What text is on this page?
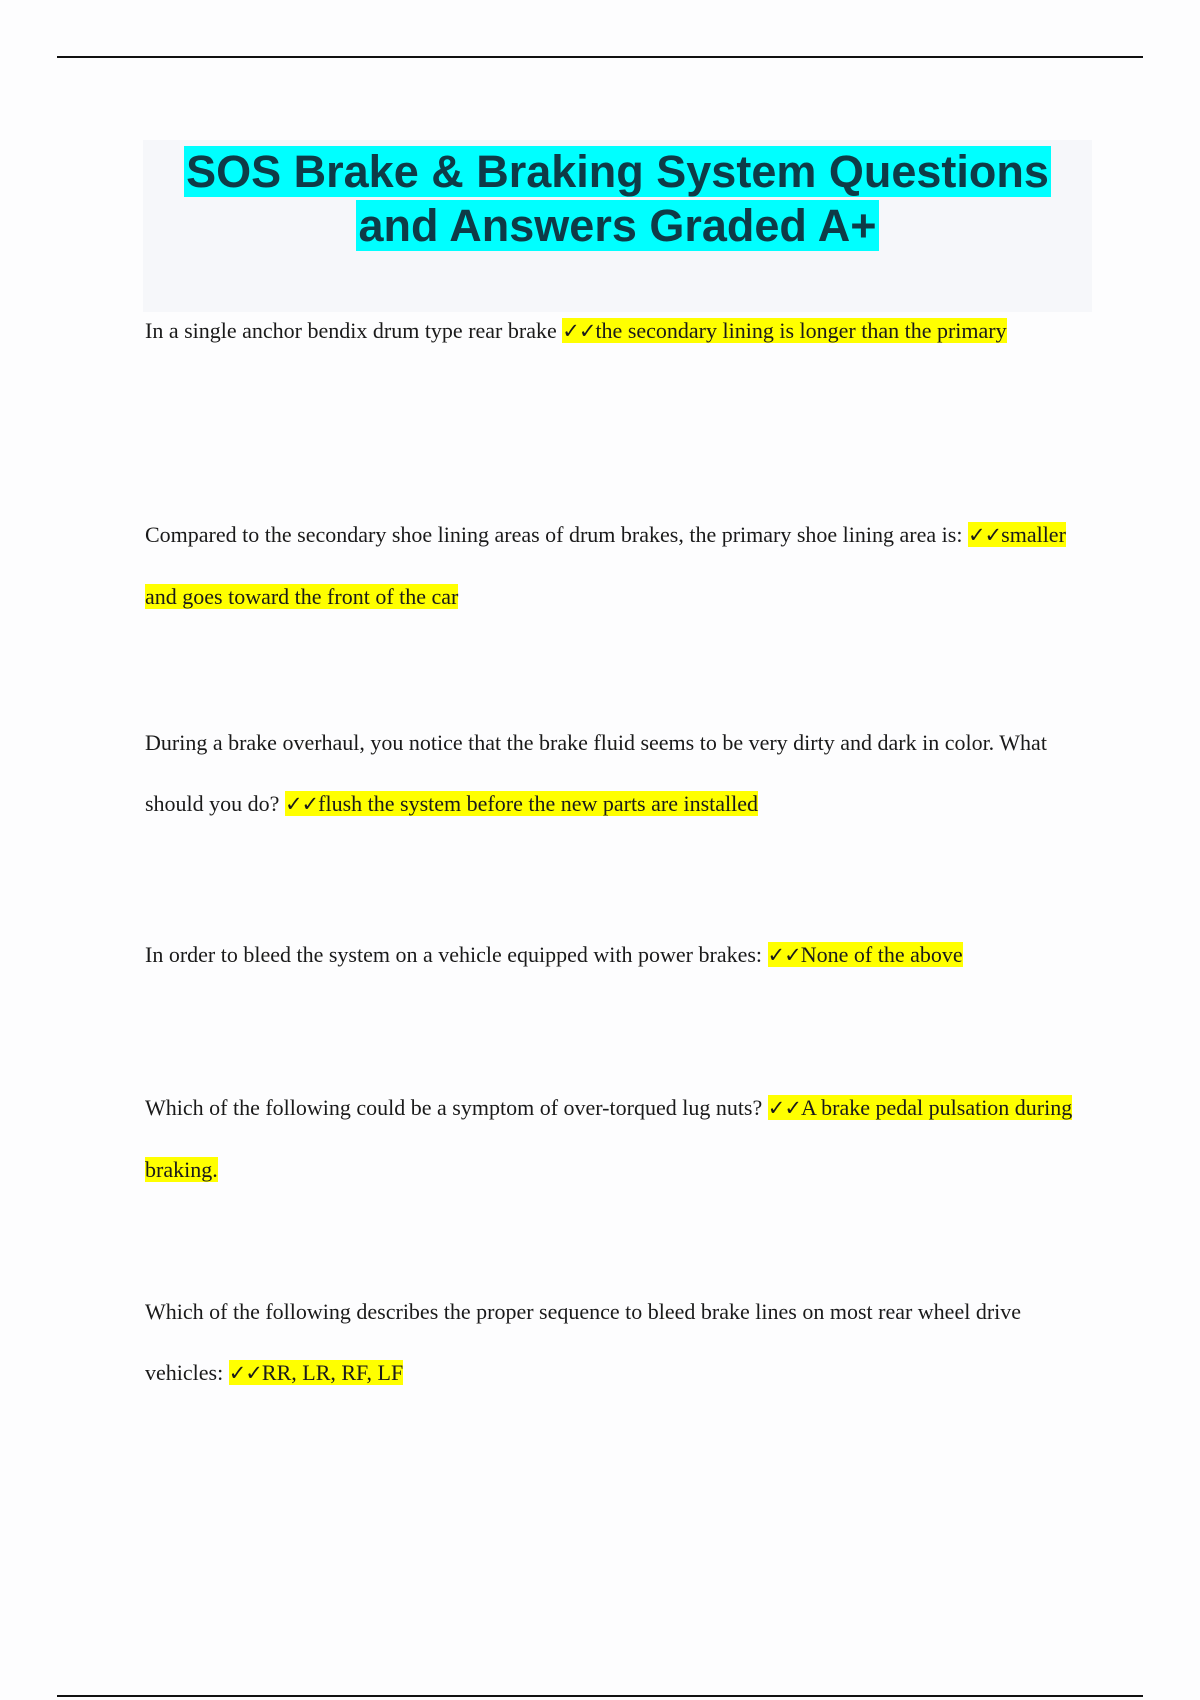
SOS Brake & Braking System Questions
and Answers Graded A+

In a single anchor bendix drum type rear brake ✓✓the secondary lining is longer than the primary

Compared to the secondary shoe lining areas of drum brakes, the primary shoe lining area is: ✓✓smaller and goes toward the front of the car

During a brake overhaul, you notice that the brake fluid seems to be very dirty and dark in color. What should you do? ✓✓flush the system before the new parts are installed

In order to bleed the system on a vehicle equipped with power brakes: ✓✓None of the above

Which of the following could be a symptom of over-torqued lug nuts? ✓✓A brake pedal pulsation during braking.

Which of the following describes the proper sequence to bleed brake lines on most rear wheel drive vehicles: ✓✓RR, LR, RF, LF
